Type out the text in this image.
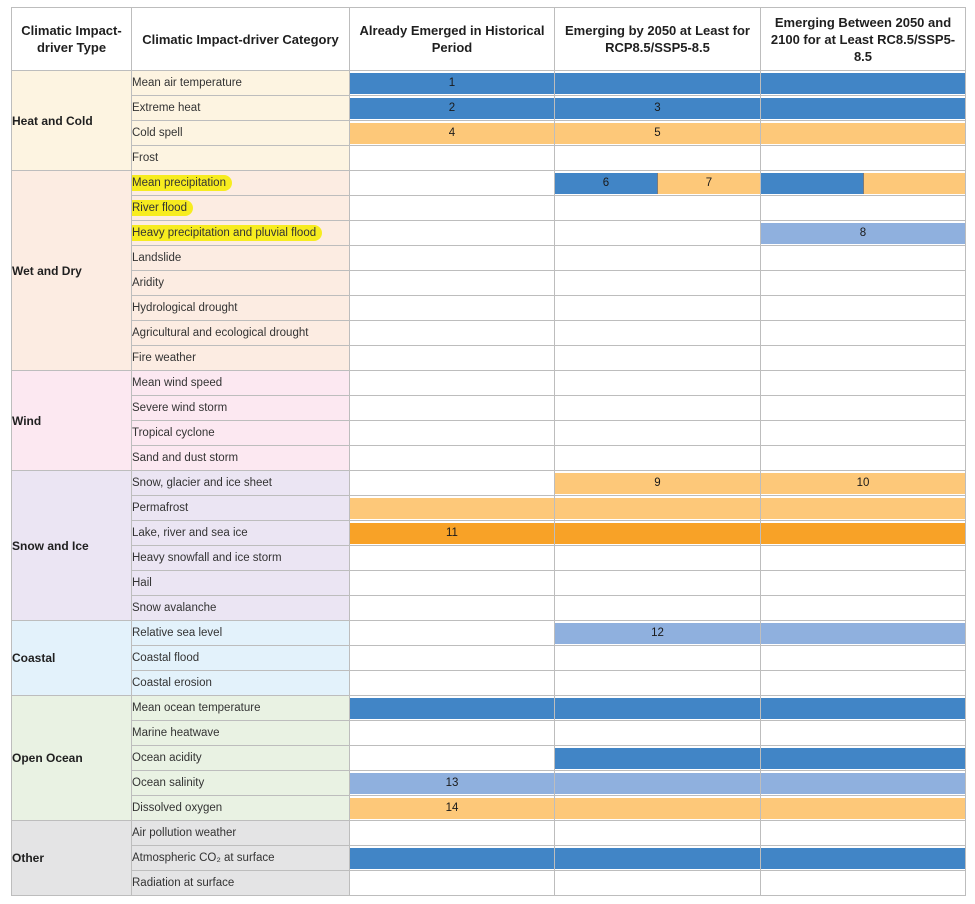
Climatic Impact-driver Type	Climatic Impact-driver Category	Already Emerged in Historical Period	Emerging by 2050 at Least for RCP8.5/SSP5-8.5	Emerging Between 2050 and 2100 for at Least RC8.5/SSP5-8.5
Heat and Cold	Mean air temperature	1		

	Extreme heat	2	3	

	Cold spell	4	5	

	Frost	

Wet and Dry	Mean precipitation		6 7	

	River flood	

	Heavy precipitation and pluvial flood			8

	Landslide	

	Aridity	

	Hydrological drought	

	Agricultural and ecological drought	

	Fire weather	

Wind	Mean wind speed	

	Severe wind storm	

	Tropical cyclone	

	Sand and dust storm	

Snow and Ice	Snow, glacier and ice sheet		9	10

	Permafrost	

	Lake, river and sea ice	11		

	Heavy snowfall and ice storm	

	Hail	

	Snow avalanche	

Coastal	Relative sea level		12	

	Coastal flood	

	Coastal erosion	

Open Ocean	Mean ocean temperature	

	Marine heatwave	

	Ocean acidity	

	Ocean salinity	13		

	Dissolved oxygen	14		

Other	Air pollution weather	

	Atmospheric CO₂ at surface	

	Radiation at surface	
